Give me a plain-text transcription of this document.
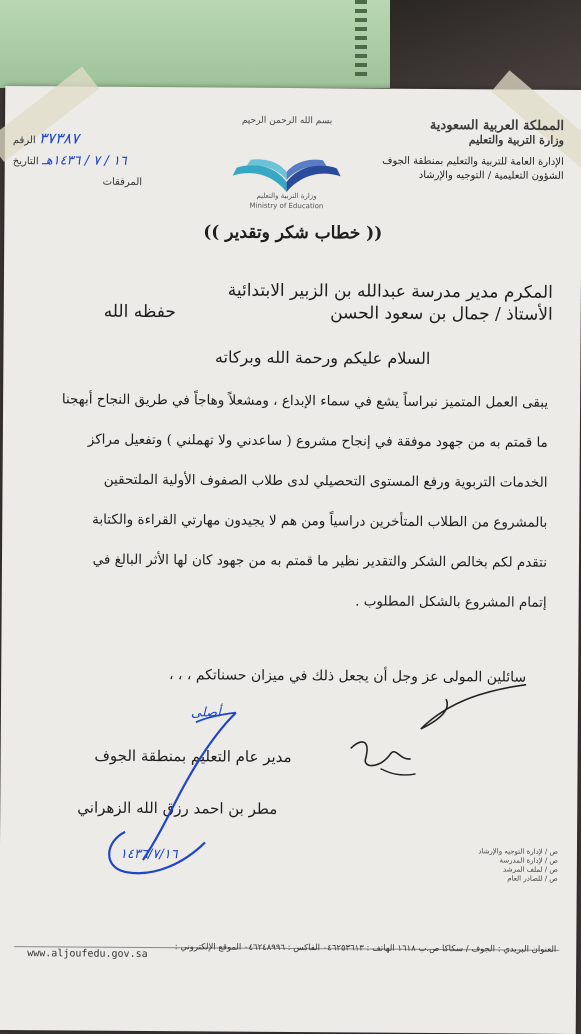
المملكة العربية السعودية
وزارة التربية والتعليم
الإدارة العامة للتربية والتعليم بمنطقة الجوف
الشؤون التعليمية / التوجيه والإرشاد
٣٧٣٨٧ الرقم
١٦ / ٧ / ١٤٣٦هـ التاريخ
المرفقات
بسم الله الرحمن الرحيم
وزارة التربية والتعليم
Ministry of Education
(( خطاب شكر وتقدير ))
المكرم مدير مدرسة عبدالله بن الزبير الابتدائية
الأستاذ / جمال بن سعود الحسن
حفظه الله
السلام عليكم ورحمة الله وبركاته
يبقى العمل المتميز نبراساً يشع في سماء الإبداع ، ومشعلاً وهاجاً في طريق النجاح أبهجنا
ما قمتم به من جهود موفقة في إنجاح مشروع ( ساعدني ولا تهملني ) وتفعيل مراكز
الخدمات التربوية ورفع المستوى التحصيلي لدى طلاب الصفوف الأولية الملتحقين
بالمشروع من الطلاب المتأخرين دراسياً ومن هم لا يجيدون مهارتي القراءة والكتابة
نتقدم لكم بخالص الشكر والتقدير نظير ما قمتم به من جهود كان لها الأثر البالغ في
إتمام المشروع بالشكل المطلوب .
سائلين المولى عز وجل أن يجعل ذلك في ميزان حسناتكم ، ، ،
أصلى
مدير عام التعليم بمنطقة الجوف
مطر بن احمد رزق الله الزهراني
١٤٣٦/٧/١٦	ص / لإدارة التوجيه والإرشاد
ص / لإدارة المدرسة
ص / لملف المرشد
ص / للصادر العام
العنوان البريدي : الجوف / سكاكا ص.ب ١٦١٨ الهاتف : ٠٤٦٢٥٣٦١٣ الفاكس : ٠٤٦٢٤٨٩٩٦ الموقع الإلكتروني :
www.aljoufedu.gov.sa
